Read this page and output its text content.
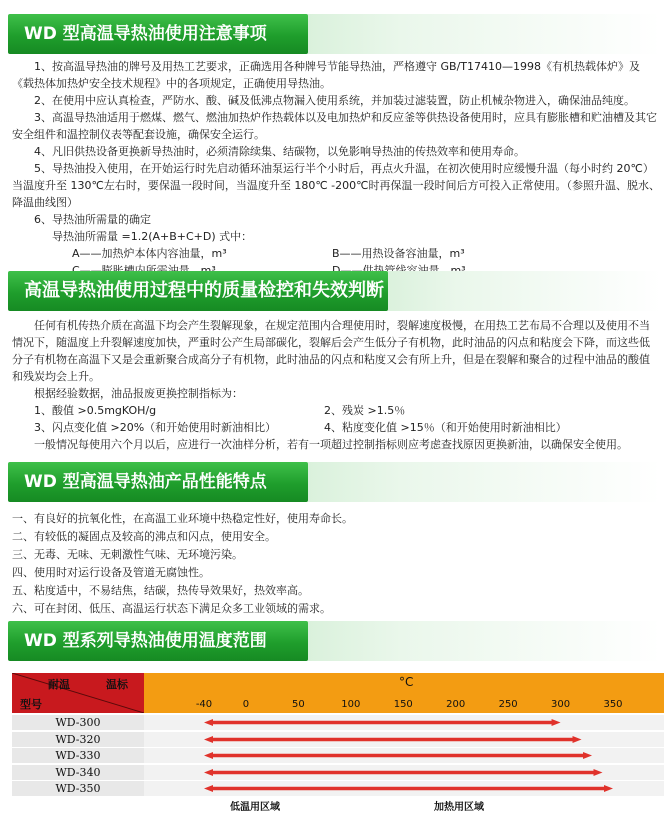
WD 型高温导热油使用注意事项

1、按高温导热油的牌号及用热工艺要求，正确选用各种牌号节能导热油，严格遵守 GB/T17410—1998《有机热载体炉》及《载热体加热炉安全技术规程》中的各项规定，正确使用导热油。

2、在使用中应认真检查，严防水、酸、碱及低沸点物漏入使用系统，并加装过滤装置，防止机械杂物进入，确保油品纯度。

3、高温导热油适用于燃煤、燃气、燃油加热炉作热载体以及电加热炉和反应釜等供热设备使用时，应具有膨胀槽和贮油槽及其它安全组件和温控制仪表等配套设施，确保安全运行。

4、凡旧供热设备更换新导热油时，必须清除续集、结碳物，以免影响导热油的传热效率和使用寿命。

5、导热油投入使用，在开始运行时先启动循环油泵运行半个小时后，再点火升温，在初次使用时应缓慢升温（每小时约 20℃）当温度升至 130℃左右时，要保温一段时间，当温度升至 180℃ -200℃时再保温一段时间后方可投入正常使用。（参照升温、脱水、降温曲线图）

6、导热油所需量的确定

导热油所需量 =1.2(A+B+C+D) 式中：

A——加热炉本体内容油量，m³	B——用热设备容油量，m³
高温导热油使用过程中的质量检控和失效判断

任何有机传热介质在高温下均会产生裂解现象，在规定范围内合理使用时，裂解速度极慢，在用热工艺布局不合理以及使用不当情况下，随温度上升裂解速度加快，严重时公产生局部碳化，裂解后会产生低分子有机物，此时油品的闪点和粘度会下降，而这些低分子有机物在高温下又是会重新聚合成高分子有机物，此时油品的闪点和粘度又会有所上升，但是在裂解和聚合的过程中油品的酸值和残炭均会上升。

根据经验数据，油品报废更换控制指标为：

1、酸值 >0.5mgKOH/g	2、残炭 >1.5％
3、闪点变化值 >20%（和开始使用时新油相比）	4、粘度变化值 >15％（和开始使用时新油相比）

一般情况每使用六个月以后，应进行一次油样分析，若有一项超过控制指标则应考虑查找原因更换新油，以确保安全使用。

WD 型高温导热油产品性能特点

一、有良好的抗氧化性，在高温工业环境中热稳定性好，使用寿命长。

二、有较低的凝固点及较高的沸点和闪点，使用安全。

三、无毒、无味、无刺激性气味、无环境污染。

四、使用时对运行设备及管道无腐蚀性。

五、粘度适中，不易结焦，结碳，热传导效果好，热效率高。

六、可在封闭、低压、高温运行状态下满足众多工业领域的需求。

WD 型系列导热油使用温度范围
耐温	温标
型号
°C
-40	0	50	100	150	200	250	300	350
WD-300
WD-320
WD-330
WD-340
WD-350
低温用区域	加热用区域
